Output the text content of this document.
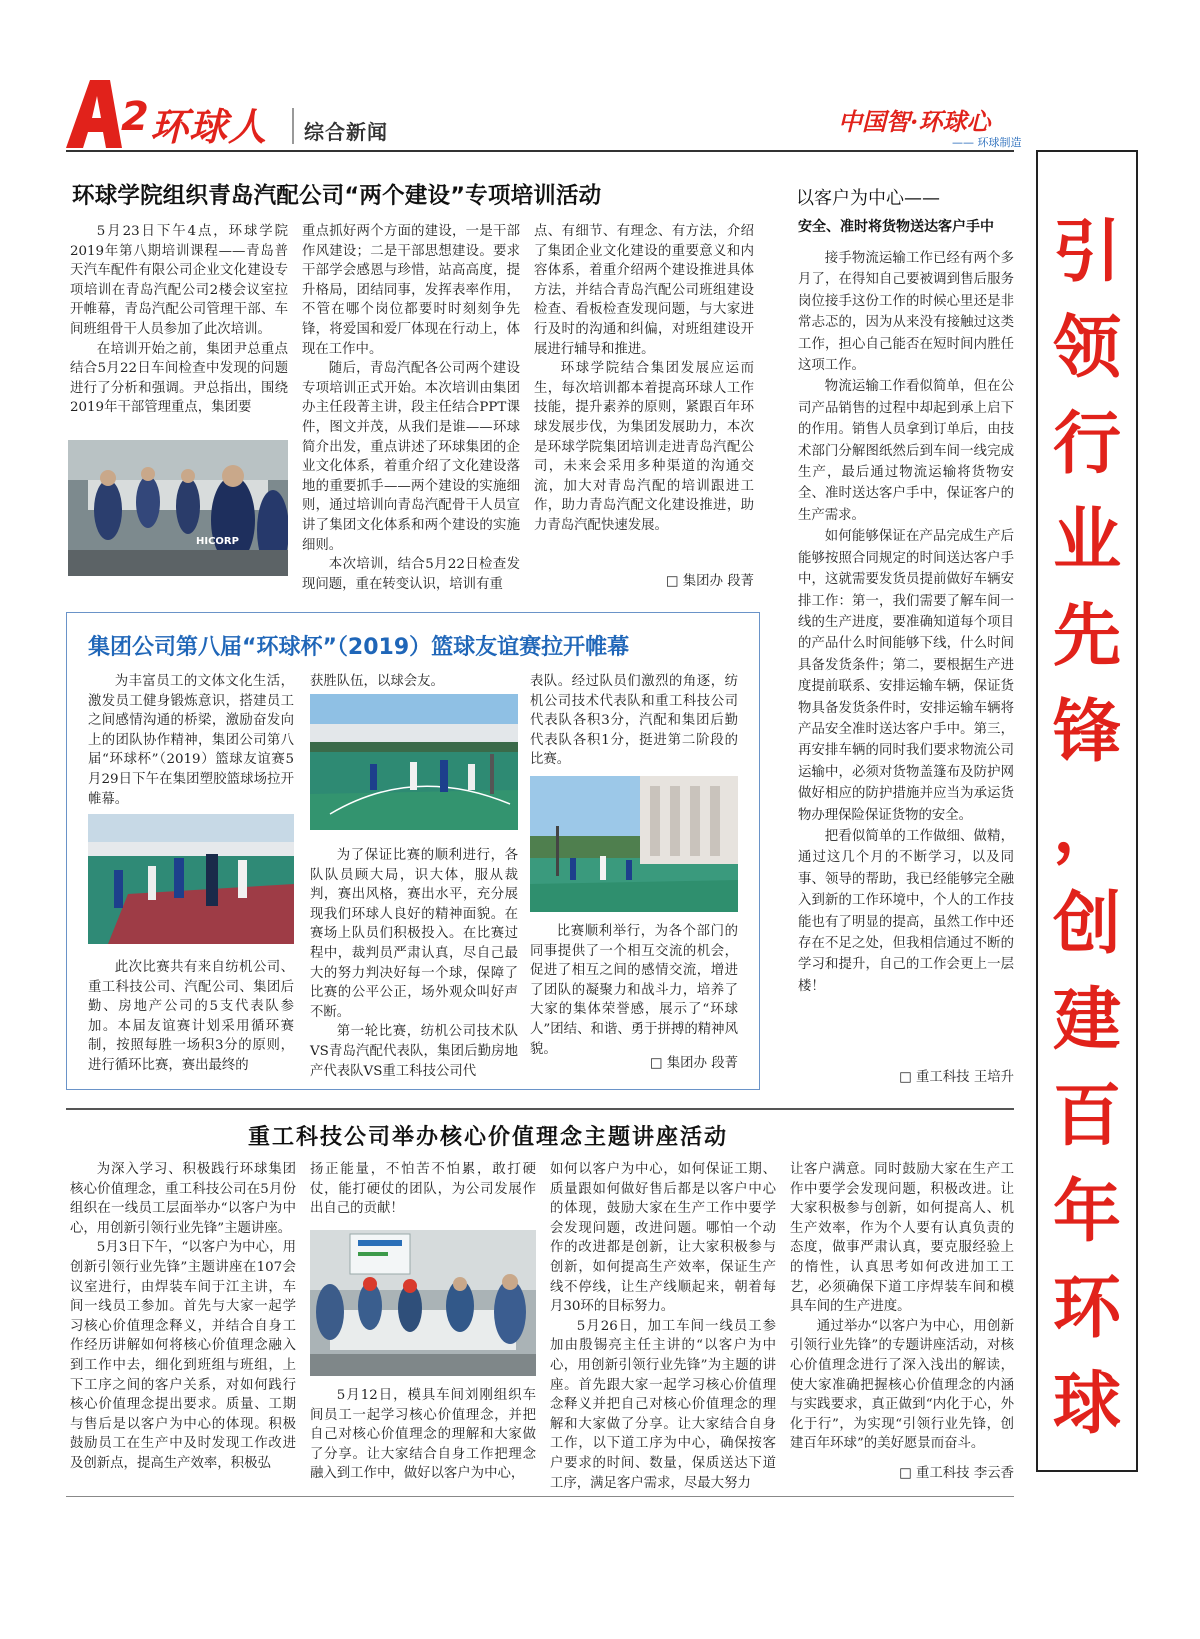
2 环球人 综合新闻	中国智·环球心
—— 环球制造
引
领
行
业
先
锋
，
创
建
百
年
环
球
环球学院组织青岛汽配公司“两个建设”专项培训活动

5月23日下午4点，环球学院2019年第八期培训课程——青岛普天汽车配件有限公司企业文化建设专项培训在青岛汽配公司2楼会议室拉开帷幕，青岛汽配公司管理干部、车间班组骨干人员参加了此次培训。

在培训开始之前，集团尹总重点结合5月22日车间检查中发现的问题进行了分析和强调。尹总指出，围绕2019年干部管理重点，集团要

HICORP

重点抓好两个方面的建设，一是干部作风建设；二是干部思想建设。要求干部学会感恩与珍惜，站高高度，提升格局，团结同事，发挥表率作用，不管在哪个岗位都要时时刻刻争先锋，将爱国和爱厂体现在行动上，体现在工作中。

随后，青岛汽配各公司两个建设专项培训正式开始。本次培训由集团办主任段菁主讲，段主任结合PPT课件，图文并茂，从我们是谁——环球简介出发，重点讲述了环球集团的企业文化体系，着重介绍了文化建设落地的重要抓手——两个建设的实施细则，通过培训向青岛汽配骨干人员宣讲了集团文化体系和两个建设的实施细则。

本次培训，结合5月22日检查发现问题，重在转变认识，培训有重

点、有细节、有理念、有方法，介绍了集团企业文化建设的重要意义和内容体系，着重介绍两个建设推进具体方法，并结合青岛汽配公司班组建设检查、看板检查发现问题，与大家进行及时的沟通和纠偏，对班组建设开展进行辅导和推进。

环球学院结合集团发展应运而生，每次培训都本着提高环球人工作技能，提升素养的原则，紧跟百年环球发展步伐，为集团发展助力，本次是环球学院集团培训走进青岛汽配公司，未来会采用多种渠道的沟通交流，加大对青岛汽配的培训跟进工作，助力青岛汽配文化建设推进，助力青岛汽配快速发展。

□ 集团办 段菁
集团公司第八届“环球杯”（2019）篮球友谊赛拉开帷幕

为丰富员工的文体文化生活，激发员工健身锻炼意识，搭建员工之间感情沟通的桥梁，激励奋发向上的团队协作精神，集团公司第八届“环球杯”（2019）篮球友谊赛5月29日下午在集团塑胶篮球场拉开帷幕。

此次比赛共有来自纺机公司、重工科技公司、汽配公司、集团后勤、房地产公司的5支代表队参加。本届友谊赛计划采用循环赛制，按照每胜一场积3分的原则，进行循环比赛，赛出最终的

获胜队伍，以球会友。

为了保证比赛的顺利进行，各队队员顾大局，识大体，服从裁判，赛出风格，赛出水平，充分展现我们环球人良好的精神面貌。在赛场上队员们积极投入。在比赛过程中，裁判员严肃认真，尽自己最大的努力判决好每一个球，保障了比赛的公平公正，场外观众叫好声不断。

第一轮比赛，纺机公司技术队VS青岛汽配代表队，集团后勤房地产代表队VS重工科技公司代

表队。经过队员们激烈的角逐，纺机公司技术代表队和重工科技公司代表队各积3分，汽配和集团后勤代表队各积1分，挺进第二阶段的比赛。

比赛顺利举行，为各个部门的同事提供了一个相互交流的机会，促进了相互之间的感情交流，增进了团队的凝聚力和战斗力，培养了大家的集体荣誉感，展示了“环球人”团结、和谐、勇于拼搏的精神风貌。

□ 集团办 段菁
以客户为中心——
安全、准时将货物送达客户手中

接手物流运输工作已经有两个多月了，在得知自己要被调到售后服务岗位接手这份工作的时候心里还是非常忐忑的，因为从来没有接触过这类工作，担心自己能否在短时间内胜任这项工作。

物流运输工作看似简单，但在公司产品销售的过程中却起到承上启下的作用。销售人员拿到订单后，由技术部门分解图纸然后到车间一线完成生产，最后通过物流运输将货物安全、准时送达客户手中，保证客户的生产需求。

如何能够保证在产品完成生产后能够按照合同规定的时间送达客户手中，这就需要发货员提前做好车辆安排工作：第一，我们需要了解车间一线的生产进度，要准确知道每个项目的产品什么时间能够下线，什么时间具备发货条件；第二，要根据生产进度提前联系、安排运输车辆，保证货物具备发货条件时，安排运输车辆将产品安全准时送达客户手中。第三，再安排车辆的同时我们要求物流公司运输中，必须对货物盖篷布及防护网做好相应的防护措施并应当为承运货物办理保险保证货物的安全。

把看似简单的工作做细、做精，通过这几个月的不断学习，以及同事、领导的帮助，我已经能够完全融入到新的工作环境中，个人的工作技能也有了明显的提高，虽然工作中还存在不足之处，但我相信通过不断的学习和提升，自己的工作会更上一层楼！

□ 重工科技 王培升
重工科技公司举办核心价值理念主题讲座活动

为深入学习、积极践行环球集团核心价值理念，重工科技公司在5月份组织在一线员工层面举办“以客户为中心，用创新引领行业先锋”主题讲座。

5月3日下午，“以客户为中心，用创新引领行业先锋”主题讲座在107会议室进行，由焊装车间于江主讲，车间一线员工参加。首先与大家一起学习核心价值理念释义，并结合自身工作经历讲解如何将核心价值理念融入到工作中去，细化到班组与班组，上下工序之间的客户关系，对如何践行核心价值理念提出要求。质量、工期与售后是以客户为中心的体现。积极鼓励员工在生产中及时发现工作改进及创新点，提高生产效率，积极弘

扬正能量，不怕苦不怕累，敢打硬仗，能打硬仗的团队，为公司发展作出自己的贡献！

5月12日，模具车间刘刚组织车间员工一起学习核心价值理念，并把自己对核心价值理念的理解和大家做了分享。让大家结合自身工作把理念融入到工作中，做好以客户为中心，

如何以客户为中心，如何保证工期、质量跟如何做好售后都是以客户中心的体现，鼓励大家在生产工作中要学会发现问题，改进问题。哪怕一个动作的改进都是创新，让大家积极参与创新，如何提高生产效率，保证生产线不停线，让生产线顺起来，朝着每月30环的目标努力。

5月26日，加工车间一线员工参加由殷锡亮主任主讲的“以客户为中心，用创新引领行业先锋”为主题的讲座。首先跟大家一起学习核心价值理念释义并把自己对核心价值理念的理解和大家做了分享。让大家结合自身工作，以下道工序为中心，确保按客户要求的时间、数量，保质送达下道工序，满足客户需求，尽最大努力

让客户满意。同时鼓励大家在生产工作中要学会发现问题，积极改进。让大家积极参与创新，如何提高人、机生产效率，作为个人要有认真负责的态度，做事严肃认真，要克服经验上的惰性，认真思考如何改进加工工艺，必须确保下道工序焊装车间和模具车间的生产进度。

通过举办“以客户为中心，用创新引领行业先锋”的专题讲座活动，对核心价值理念进行了深入浅出的解读，使大家准确把握核心价值理念的内涵与实践要求，真正做到“内化于心，外化于行”，为实现“引领行业先锋，创建百年环球”的美好愿景而奋斗。

□ 重工科技 李云香
